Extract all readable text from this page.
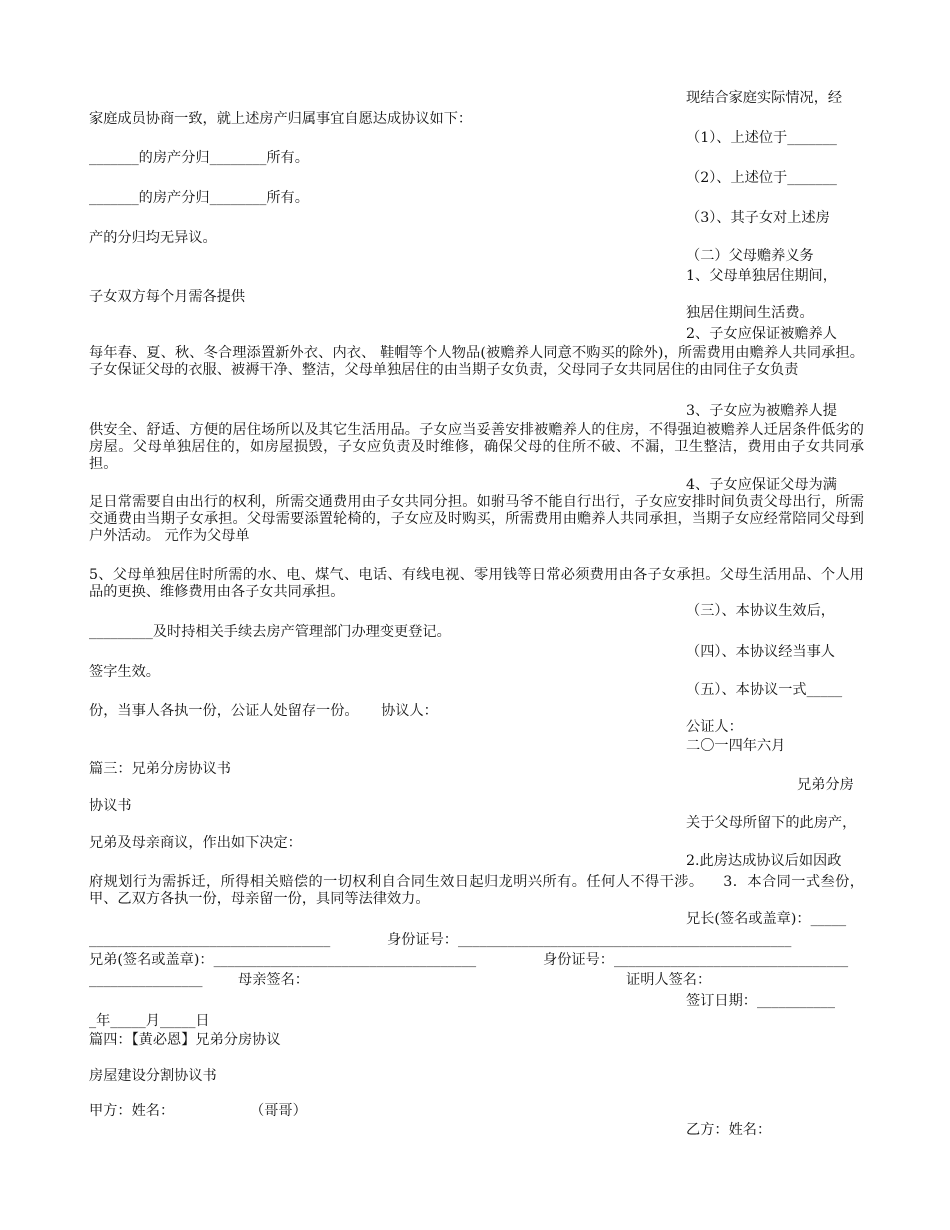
现结合家庭实际情况，经
家庭成员协商一致，就上述房产归属事宜自愿达成协议如下：
（1）、上述位于_______
_______的房产分归________所有。
（2）、上述位于_______
_______的房产分归________所有。
（3）、其子女对上述房
产的分归均无异议。
（二）父母赡养义务
1、父母单独居住期间，
子女双方每个月需各提供
独居住期间生活费。
2、子女应保证被赡养人
每年春、夏、秋、冬合理添置新外衣、内衣、 鞋帽等个人物品(被赡养人同意不购买的除外)，所需费用由赡养人共同承担。子女保证父母的衣服、被褥干净、整洁，父母单独居住的由当期子女负责，父母同子女共同居住的由同住子女负责
3、子女应为被赡养人提
供安全、舒适、方便的居住场所以及其它生活用品。子女应当妥善安排被赡养人的住房，不得强迫被赡养人迁居条件低劣的房屋。父母单独居住的，如房屋损毁，子女应负责及时维修，确保父母的住所不破、不漏，卫生整洁，费用由子女共同承担。
4、子女应保证父母为满
足日常需要自由出行的权利，所需交通费用由子女共同分担。如驸马爷不能自行出行，子女应安排时间负责父母出行，所需交通费由当期子女承担。父母需要添置轮椅的，子女应及时购买，所需费用由赡养人共同承担，当期子女应经常陪同父母到户外活动。 元作为父母单
5、父母单独居住时所需的水、电、煤气、电话、有线电视、零用钱等日常必须费用由各子女承担。父母生活用品、个人用品的更换、维修费用由各子女共同承担。
（三）、本协议生效后，
_________及时持相关手续去房产管理部门办理变更登记。
（四）、本协议经当事人
签字生效。
（五）、本协议一式_____
份，当事人各执一份，公证人处留存一份。     协议人：
公证人：
二〇一四年六月
篇三：兄弟分房协议书
兄弟分房
协议书
关于父母所留下的此房产，
兄弟及母亲商议，作出如下决定：
2.此房达成协议后如因政
府规划行为需拆迁，所得相关赔偿的一切权利自合同生效日起归龙明兴所有。任何人不得干涉。    3．本合同一式叁份，甲、乙双方各执一份，母亲留一份，具同等法律效力。
兄长(签名或盖章)：_____
__________________________________	身份证号：_______________________________________________
兄弟(签名或盖章)：_____________________________________	身份证号：_________________________________
________________	母亲签名：	证明人签名：
签订日期：___________
_年_____月_____日
篇四：【黄必恩】兄弟分房协议
房屋建设分割协议书
甲方：姓名：	（哥哥）
乙方：姓名：
